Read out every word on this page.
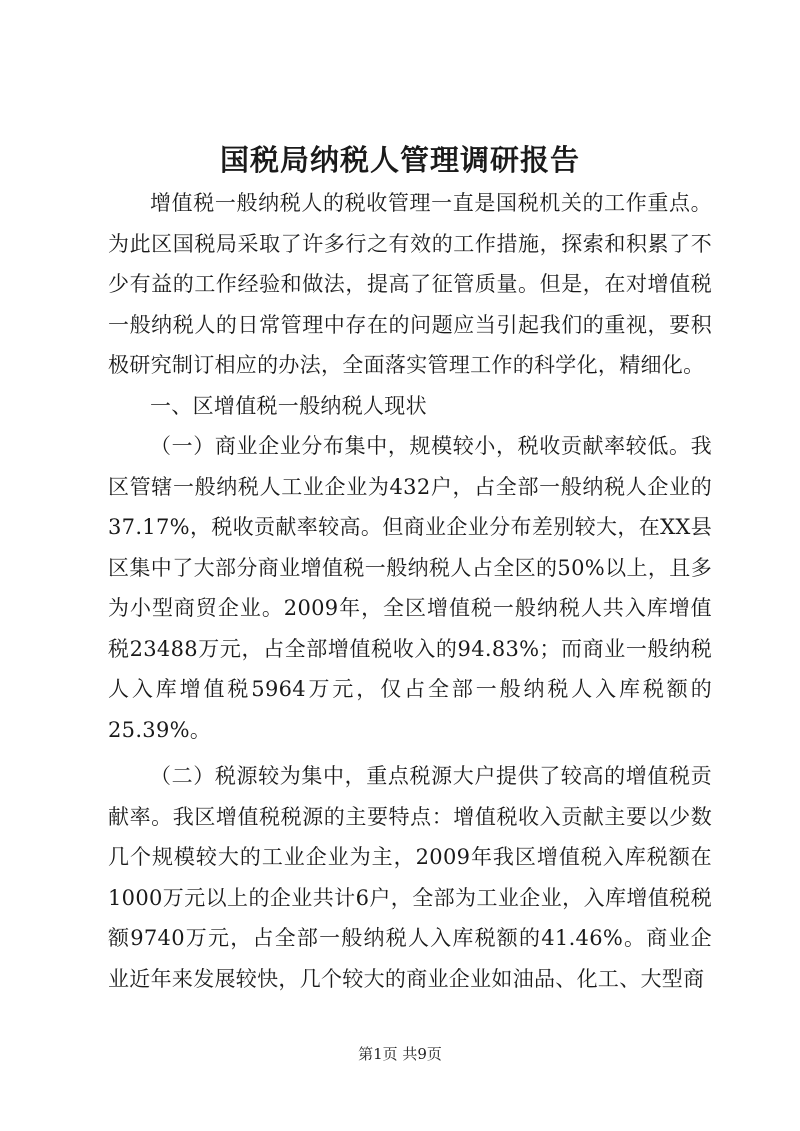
国税局纳税人管理调研报告

增值税一般纳税人的税收管理一直是国税机关的工作重点。为此区国税局采取了许多行之有效的工作措施，探索和积累了不少有益的工作经验和做法，提高了征管质量。但是，在对增值税一般纳税人的日常管理中存在的问题应当引起我们的重视，要积极研究制订相应的办法，全面落实管理工作的科学化，精细化。

一、区增值税一般纳税人现状

（一）商业企业分布集中，规模较小，税收贡献率较低。我区管辖一般纳税人工业企业为432户，占全部一般纳税人企业的37.17%，税收贡献率较高。但商业企业分布差别较大，在XX县区集中了大部分商业增值税一般纳税人占全区的50%以上，且多为小型商贸企业。2009年，全区增值税一般纳税人共入库增值税23488万元，占全部增值税收入的94.83%；而商业一般纳税人入库增值税5964万元，仅占全部一般纳税人入库税额的25.39%。

（二）税源较为集中，重点税源大户提供了较高的增值税贡献率。我区增值税税源的主要特点：增值税收入贡献主要以少数几个规模较大的工业企业为主，2009年我区增值税入库税额在1000万元以上的企业共计6户，全部为工业企业，入库增值税税额9740万元，占全部一般纳税人入库税额的41.46%。商业企业近年来发展较快，几个较大的商业企业如油品、化工、大型商

第1页 共9页
